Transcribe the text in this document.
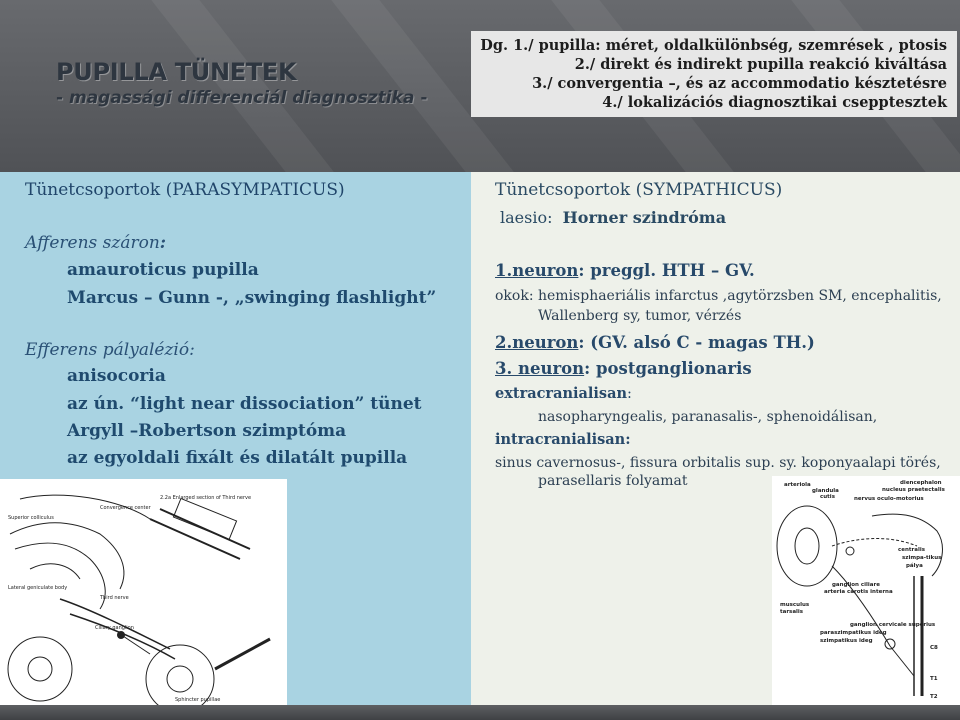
PUPILLA TÜNETEK
- magassági differenciál diagnosztika -
Dg. 1./ pupilla: méret, oldalkülönbség, szemrések , ptosis
2./ direkt és indirekt pupilla reakció kiváltása
3./ convergentia –, és az accommodatio késztetésre
4./ lokalizációs diagnosztikai csepptesztek
Tünetcsoportok (PARASYMPATICUS)
Afferens száron:
amauroticus pupilla
Marcus – Gunn -, „swinging flashlight”
Efferens pályalézió:
anisocoria
az ún. “light near dissociation” tünet
Argyll –Robertson szimptóma
az egyoldali fixált és dilatált pupilla
Tünetcsoportok (SYMPATHICUS)
laesio: Horner szindróma
1.neuron: preggl. HTH – GV.
okok: hemisphaeriális infarctus ,agytörzsben SM, encephalitis,
Wallenberg sy, tumor, vérzés
2.neuron: (GV. alsó C - magas TH.)
3. neuron: postganglionaris
extracranialisan:
nasopharyngealis, paranasalis-, sphenoidálisan,
intracranialisan:
sinus cavernosus-, fissura orbitalis sup. sy. koponyaalapi törés,
parasellaris folyamat
2.2a Enlarged section of Third nerve
Superior colliculus
Lateral geniculate body
Third nerve
Convergence center
Ciliary ganglion
Sphincter pupillae
arteriola
glandula
cutis
diencephalon
nucleus praetectalis
nervus oculo-motorius
centralis
szimpa-tikus
pálya
ganglion ciliare
arteria carotis interna
musculus
tarsalis
ganglion cervicale superius
paraszimpatikus ideg
szimpatikus ideg
C8
T1
T2
